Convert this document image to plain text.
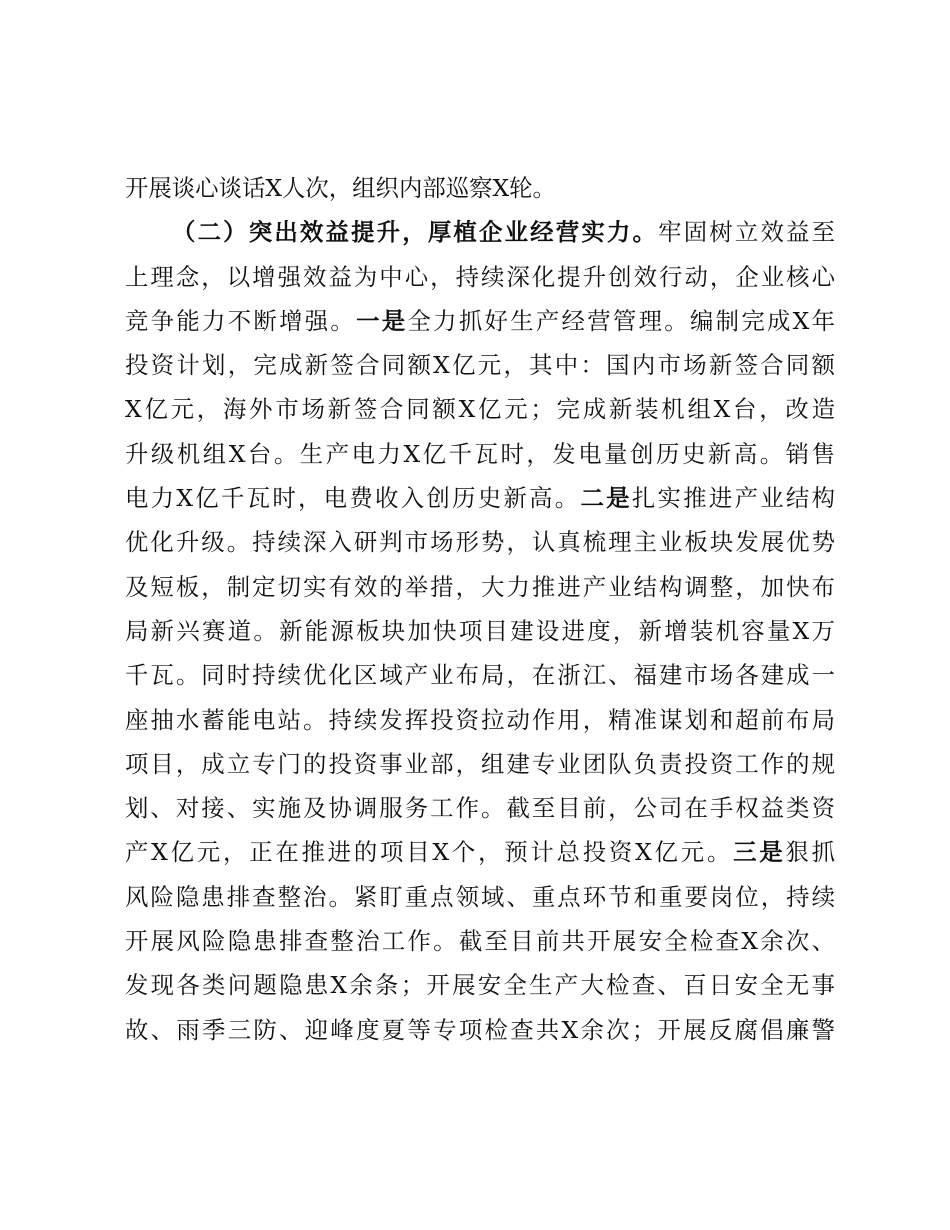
开展谈心谈话X人次，组织内部巡察X轮。
（二）突出效益提升，厚植企业经营实力。牢固树立效益至
上理念，以增强效益为中心，持续深化提升创效行动，企业核心
竞争能力不断增强。一是全力抓好生产经营管理。编制完成X年
投资计划，完成新签合同额X亿元，其中：国内市场新签合同额
X亿元，海外市场新签合同额X亿元；完成新装机组X台，改造
升级机组X台。生产电力X亿千瓦时，发电量创历史新高。销售
电力X亿千瓦时，电费收入创历史新高。二是扎实推进产业结构
优化升级。持续深入研判市场形势，认真梳理主业板块发展优势
及短板，制定切实有效的举措，大力推进产业结构调整，加快布
局新兴赛道。新能源板块加快项目建设进度，新增装机容量X万
千瓦。同时持续优化区域产业布局，在浙江、福建市场各建成一
座抽水蓄能电站。持续发挥投资拉动作用，精准谋划和超前布局
项目，成立专门的投资事业部，组建专业团队负责投资工作的规
划、对接、实施及协调服务工作。截至目前，公司在手权益类资
产X亿元，正在推进的项目X个，预计总投资X亿元。三是狠抓
风险隐患排查整治。紧盯重点领域、重点环节和重要岗位，持续
开展风险隐患排查整治工作。截至目前共开展安全检查X余次、
发现各类问题隐患X余条；开展安全生产大检查、百日安全无事
故、雨季三防、迎峰度夏等专项检查共X余次；开展反腐倡廉警
